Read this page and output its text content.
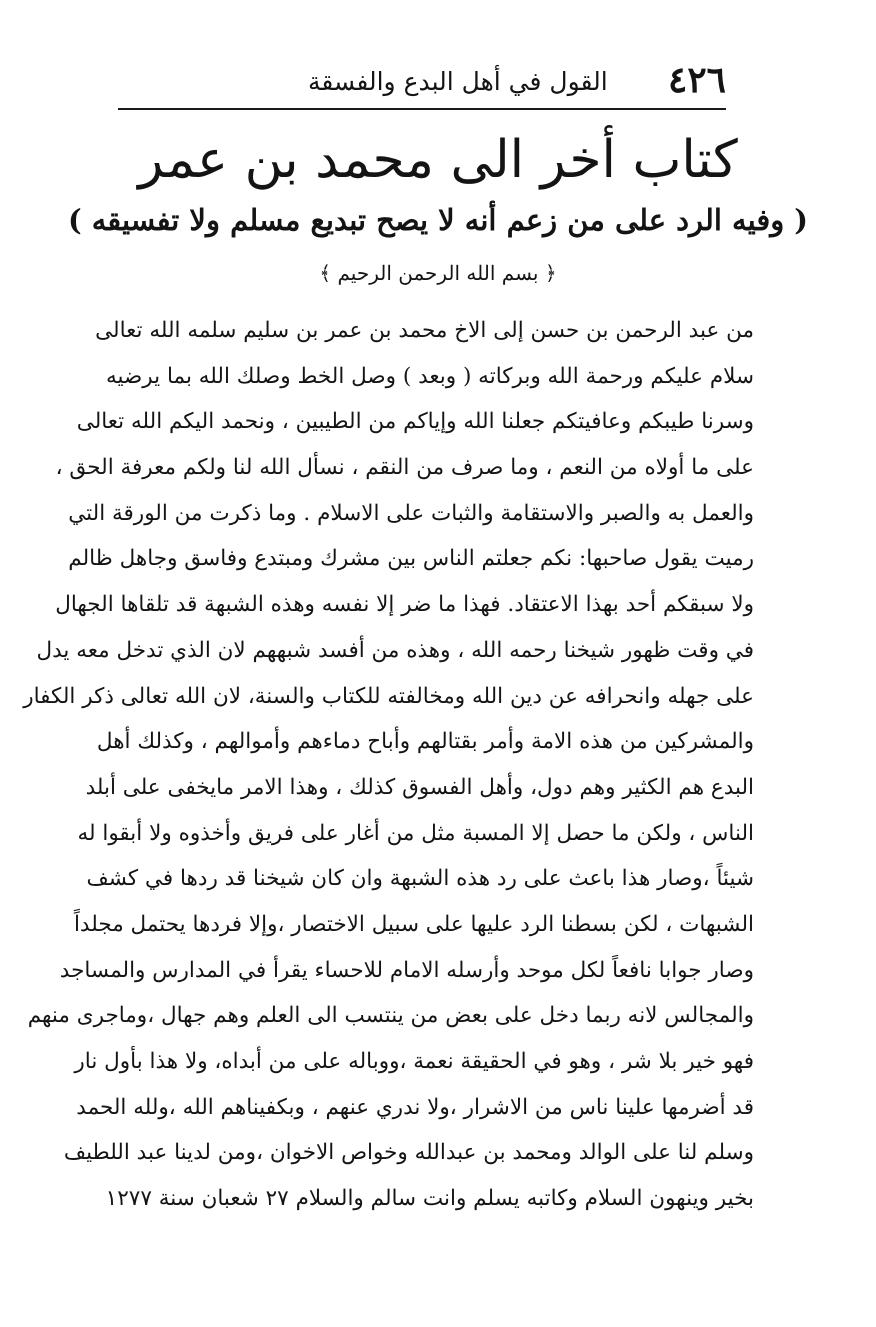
٤٢٦
القول في أهل البدع والفسقة
كتاب أخر الى محمد بن عمر
( وفيه الرد على من زعم أنه لا يصح تبديع مسلم ولا تفسيقه )
﴿ بسم الله الرحمن الرحيم ﴾
من عبد الرحمن بن حسن إلى الاخ محمد بن عمر بن سليم سلمه الله تعالى
سلام عليكم ورحمة الله وبركاته ( وبعد ) وصل الخط وصلك الله بما يرضيه
وسرنا طيبكم وعافيتكم جعلنا الله وإياكم من الطيبين ، ونحمد اليكم الله تعالى
على ما أولاه من النعم ، وما صرف من النقم ، نسأل الله لنا ولكم معرفة الحق ،
والعمل به والصبر والاستقامة والثبات على الاسلام . وما ذكرت من الورقة التي
رميت يقول صاحبها: نكم جعلتم الناس بين مشرك ومبتدع وفاسق وجاهل ظالم
ولا سبقكم أحد بهذا الاعتقاد. فهذا ما ضر إلا نفسه وهذه الشبهة قد تلقاها الجهال
في وقت ظهور شيخنا رحمه الله ، وهذه من أفسد شبههم لان الذي تدخل معه يدل
على جهله وانحرافه عن دين الله ومخالفته للكتاب والسنة، لان الله تعالى ذكر الكفار
والمشركين من هذه الامة وأمر بقتالهم وأباح دماءهم وأموالهم ، وكذلك أهل
البدع هم الكثير وهم دول، وأهل الفسوق كذلك ، وهذا الامر مايخفى على أبلد
الناس ، ولكن ما حصل إلا المسبة مثل من أغار على فريق وأخذوه ولا أبقوا له
شيئاً ،وصار هذا باعث على رد هذه الشبهة وان كان شيخنا قد ردها في كشف
الشبهات ، لكن بسطنا الرد عليها على سبيل الاختصار ،وإلا فردها يحتمل مجلداً
وصار جوابا نافعاً لكل موحد وأرسله الامام للاحساء يقرأ في المدارس والمساجد
والمجالس لانه ربما دخل على بعض من ينتسب الى العلم وهم جهال ،وماجرى منهم
فهو خير بلا شر ، وهو في الحقيقة نعمة ،ووباله على من أبداه، ولا هذا بأول نار
قد أضرمها علينا ناس من الاشرار ،ولا ندري عنهم ، وبكفيناهم الله ،ولله الحمد
وسلم لنا على الوالد ومحمد بن عبدالله وخواص الاخوان ،ومن لدينا عبد اللطيف
بخير وينهون السلام وكاتبه يسلم وانت سالم والسلام ٢٧ شعبان سنة ١٢٧٧
